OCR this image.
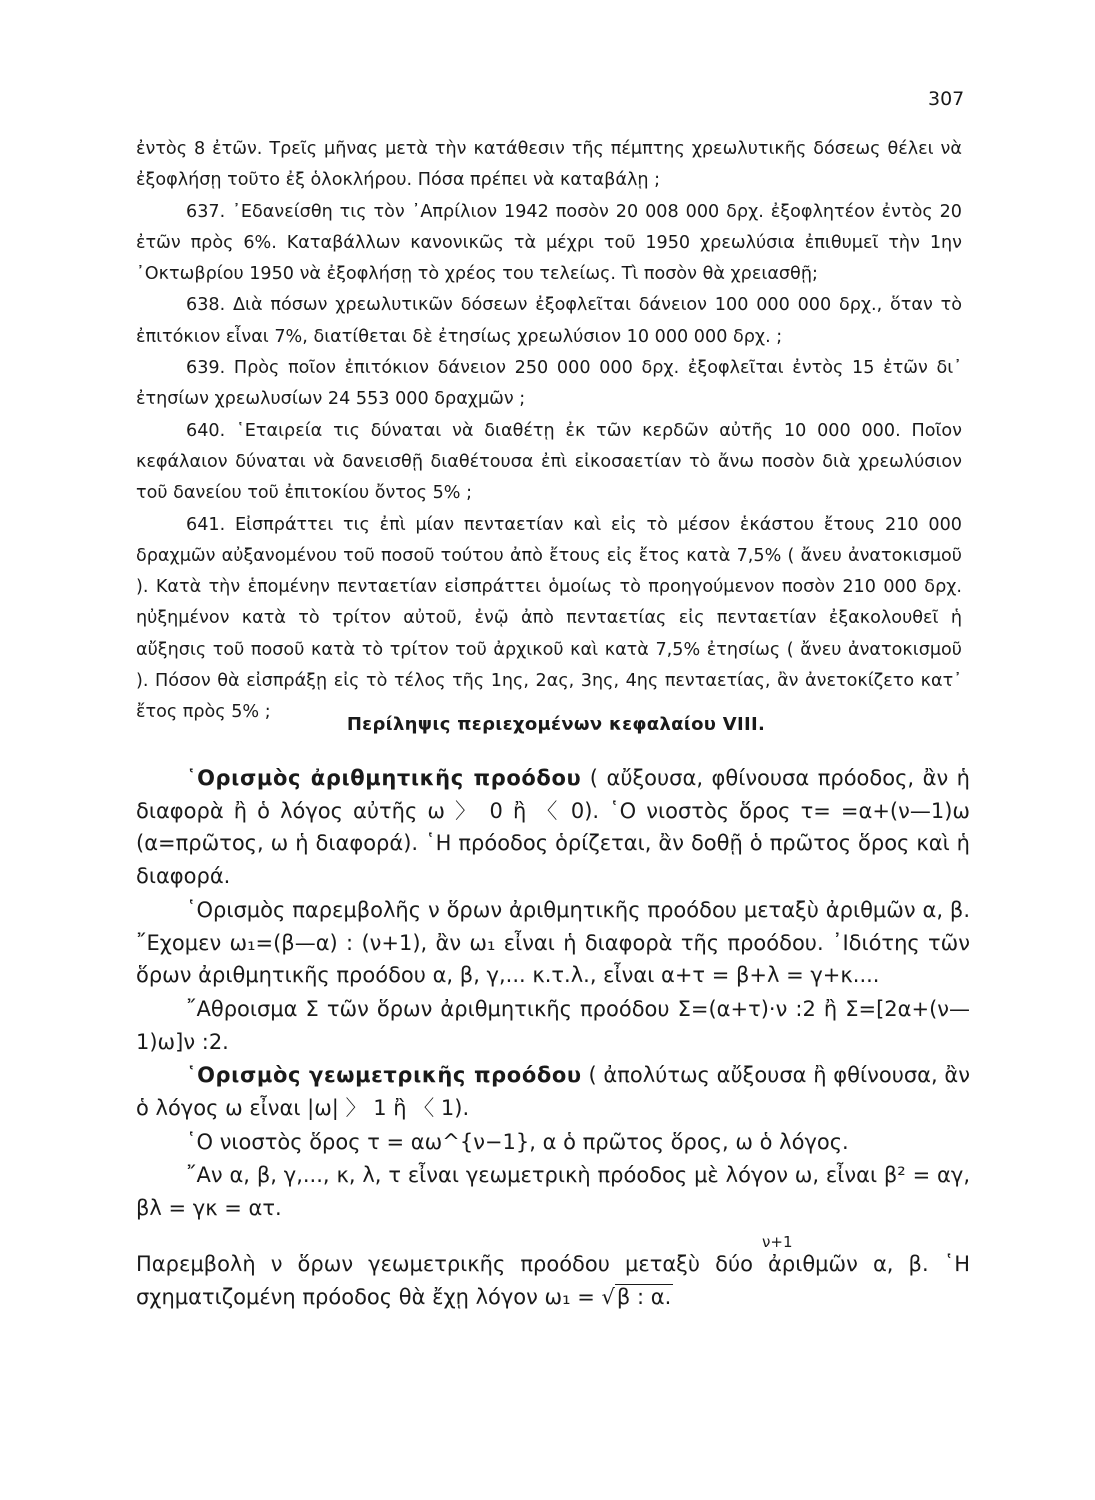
307

ἐντὸς 8 ἐτῶν. Τρεῖς μῆνας μετὰ τὴν κατάθεσιν τῆς πέμπτης χρεωλυτικῆς δόσεως θέλει νὰ ἐξοφλήσῃ τοῦτο ἐξ ὁλοκλήρου. Πόσα πρέπει νὰ καταβάλῃ ;

637. ᾿Εδανείσθη τις τὸν ᾿Απρίλιον 1942 ποσὸν 20 008 000 δρχ. ἐξοφλητέον ἐντὸς 20 ἐτῶν πρὸς 6%. Καταβάλλων κανονικῶς τὰ μέχρι τοῦ 1950 χρεωλύσια ἐπιθυμεῖ τὴν 1ην ᾿Οκτωβρίου 1950 νὰ ἐξοφλήσῃ τὸ χρέος του τελείως. Τὶ ποσὸν θὰ χρειασθῇ;

638. Διὰ πόσων χρεωλυτικῶν δόσεων ἐξοφλεῖται δάνειον 100 000 000 δρχ., ὅταν τὸ ἐπιτόκιον εἶναι 7%, διατίθεται δὲ ἐτησίως χρεωλύσιον 10 000 000 δρχ. ;

639. Πρὸς ποῖον ἐπιτόκιον δάνειον 250 000 000 δρχ. ἐξοφλεῖται ἐντὸς 15 ἐτῶν δι᾿ ἐτησίων χρεωλυσίων 24 553 000 δραχμῶν ;

640. ῾Εταιρεία τις δύναται νὰ διαθέτῃ ἐκ τῶν κερδῶν αὐτῆς 10 000 000. Ποῖον κεφάλαιον δύναται νὰ δανεισθῇ διαθέτουσα ἐπὶ εἰκοσαετίαν τὸ ἄνω ποσὸν διὰ χρεωλύσιον τοῦ δανείου τοῦ ἐπιτοκίου ὄντος 5% ;

641. Εἰσπράττει τις ἐπὶ μίαν πενταετίαν καὶ εἰς τὸ μέσον ἑκάστου ἔτους 210 000 δραχμῶν αὐξανομένου τοῦ ποσοῦ τούτου ἀπὸ ἔτους εἰς ἔτος κατὰ 7,5% ( ἄνευ ἀνατοκισμοῦ ). Κατὰ τὴν ἑπομένην πενταετίαν εἰσπράττει ὁμοίως τὸ προηγούμενον ποσὸν 210 000 δρχ. ηὐξημένον κατὰ τὸ τρίτον αὐτοῦ, ἐνῷ ἀπὸ πενταετίας εἰς πενταετίαν ἐξακολουθεῖ ἡ αὔξησις τοῦ ποσοῦ κατὰ τὸ τρίτον τοῦ ἀρχικοῦ καὶ κατὰ 7,5% ἐτησίως ( ἄνευ ἀνατοκισμοῦ ). Πόσον θὰ εἰσπράξῃ εἰς τὸ τέλος τῆς 1ης, 2ας, 3ης, 4ης πενταετίας, ἂν ἀνετοκίζετο κατ᾿ ἔτος πρὸς 5% ;

Περίληψις περιεχομένων κεφαλαίου VIII.

῾Ορισμὸς ἀριθμητικῆς προόδου ( αὔξουσα, φθίνουσα πρόοδος, ἂν ἡ διαφορὰ ἢ ὁ λόγος αὐτῆς ω 〉 0 ἢ 〈 0). ῾Ο νιοστὸς ὅρος τ= =α+(ν—1)ω (α=πρῶτος, ω ἡ διαφορά). ῾Η πρόοδος ὁρίζεται, ἂν δοθῇ ὁ πρῶτος ὅρος καὶ ἡ διαφορά.

῾Ορισμὸς παρεμβολῆς ν ὅρων ἀριθμητικῆς προόδου μεταξὺ ἀριθμῶν α, β. ῎Εχομεν ω₁=(β—α) : (ν+1), ἂν ω₁ εἶναι ἡ διαφορὰ τῆς προόδου. ᾿Ιδιότης τῶν ὅρων ἀριθμητικῆς προόδου α, β, γ,... κ.τ.λ., εἶναι α+τ = β+λ = γ+κ....

῎Αθροισμα Σ τῶν ὅρων ἀριθμητικῆς προόδου Σ=(α+τ)·ν :2 ἢ Σ=[2α+(ν—1)ω]ν :2.

῾Ορισμὸς γεωμετρικῆς προόδου ( ἀπολύτως αὔξουσα ἢ φθίνουσα, ἂν ὁ λόγος ω εἶναι |ω| 〉 1 ἢ 〈 1).

῾Ο νιοστὸς ὅρος τ = αω^{ν−1}, α ὁ πρῶτος ὅρος, ω ὁ λόγος.

῎Αν α, β, γ,..., κ, λ, τ εἶναι γεωμετρικὴ πρόοδος μὲ λόγον ω, εἶναι β² = αγ, βλ = γκ = ατ.

ν+1
Παρεμβολὴ ν ὅρων γεωμετρικῆς προόδου μεταξὺ δύο ἀριθμῶν α, β. ῾Η σχηματιζομένη πρόοδος θὰ ἔχῃ λόγον ω₁ = √β : α.
